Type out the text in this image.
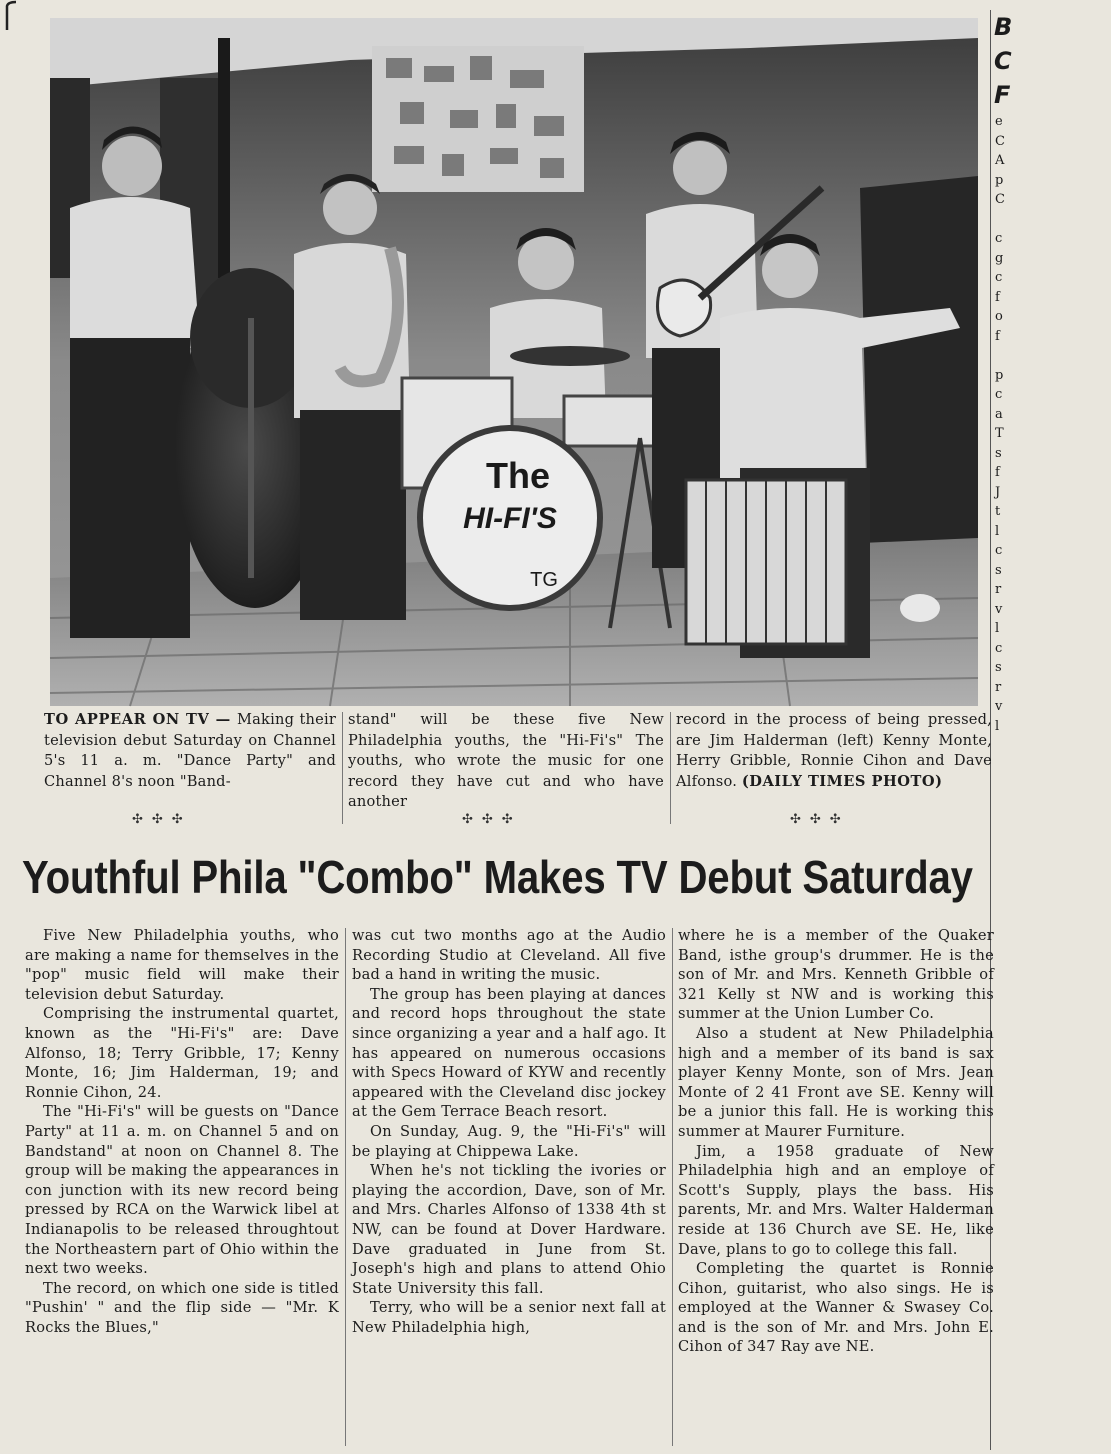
The
HI-FI'S
TG
B
C
F
e
C
A
p
C

c
g
c
f
o
f

p
c
a
T
s
f
J
t
l
c
s
r
v
l
c
s
r
v
l
TO APPEAR ON TV — Making their television debut Saturday on Channel 5's 11 a. m. "Dance Party" and Channel 8's noon "Band-
stand" will be these five New Philadelphia youths, the "Hi-Fi's" The youths, who wrote the music for one record they have cut and who have another
record in the process of being pressed, are Jim Halderman (left) Kenny Monte, Herry Gribble, Ronnie Cihon and Dave Alfonso. (DAILY TIMES PHOTO)
✣✣✣	✣✣✣	✣✣✣
Youthful Phila "Combo" Makes TV Debut Saturday

Five New Philadelphia youths, who are making a name for themselves in the "pop" music field will make their television debut Saturday.

Comprising the instrumental quartet, known as the "Hi-Fi's" are: Dave Alfonso, 18; Terry Gribble, 17; Kenny Monte, 16; Jim Halderman, 19; and Ronnie Cihon, 24.

The "Hi-Fi's" will be guests on "Dance Party" at 11 a. m. on Channel 5 and on Bandstand" at noon on Channel 8. The group will be making the appearances in con junction with its new record being pressed by RCA on the Warwick libel at Indianapolis to be released throughtout the Northeastern part of Ohio within the next two weeks.

The record, on which one side is titled "Pushin' " and the flip side — "Mr. K Rocks the Blues,"

was cut two months ago at the Audio Recording Studio at Cleveland. All five bad a hand in writing the music.

The group has been playing at dances and record hops throughout the state since organizing a year and a half ago. It has appeared on numerous occasions with Specs Howard of KYW and recently appeared with the Cleveland disc jockey at the Gem Terrace Beach resort.

On Sunday, Aug. 9, the "Hi-Fi's" will be playing at Chippewa Lake.

When he's not tickling the ivories or playing the accordion, Dave, son of Mr. and Mrs. Charles Alfonso of 1338 4th st NW, can be found at Dover Hardware. Dave graduated in June from St. Joseph's high and plans to attend Ohio State University this fall.

Terry, who will be a senior next fall at New Philadelphia high,

where he is a member of the Quaker Band, isthe group's drummer. He is the son of Mr. and Mrs. Kenneth Gribble of 321 Kelly st NW and is working this summer at the Union Lumber Co.

Also a student at New Philadelphia high and a member of its band is sax player Kenny Monte, son of Mrs. Jean Monte of 2 41 Front ave SE. Kenny will be a junior this fall. He is working this summer at Maurer Furniture.

Jim, a 1958 graduate of New Philadelphia high and an employe of Scott's Supply, plays the bass. His parents, Mr. and Mrs. Walter Halderman reside at 136 Church ave SE. He, like Dave, plans to go to college this fall.

Completing the quartet is Ronnie Cihon, guitarist, who also sings. He is employed at the Wanner & Swasey Co. and is the son of Mr. and Mrs. John E. Cihon of 347 Ray ave NE.
